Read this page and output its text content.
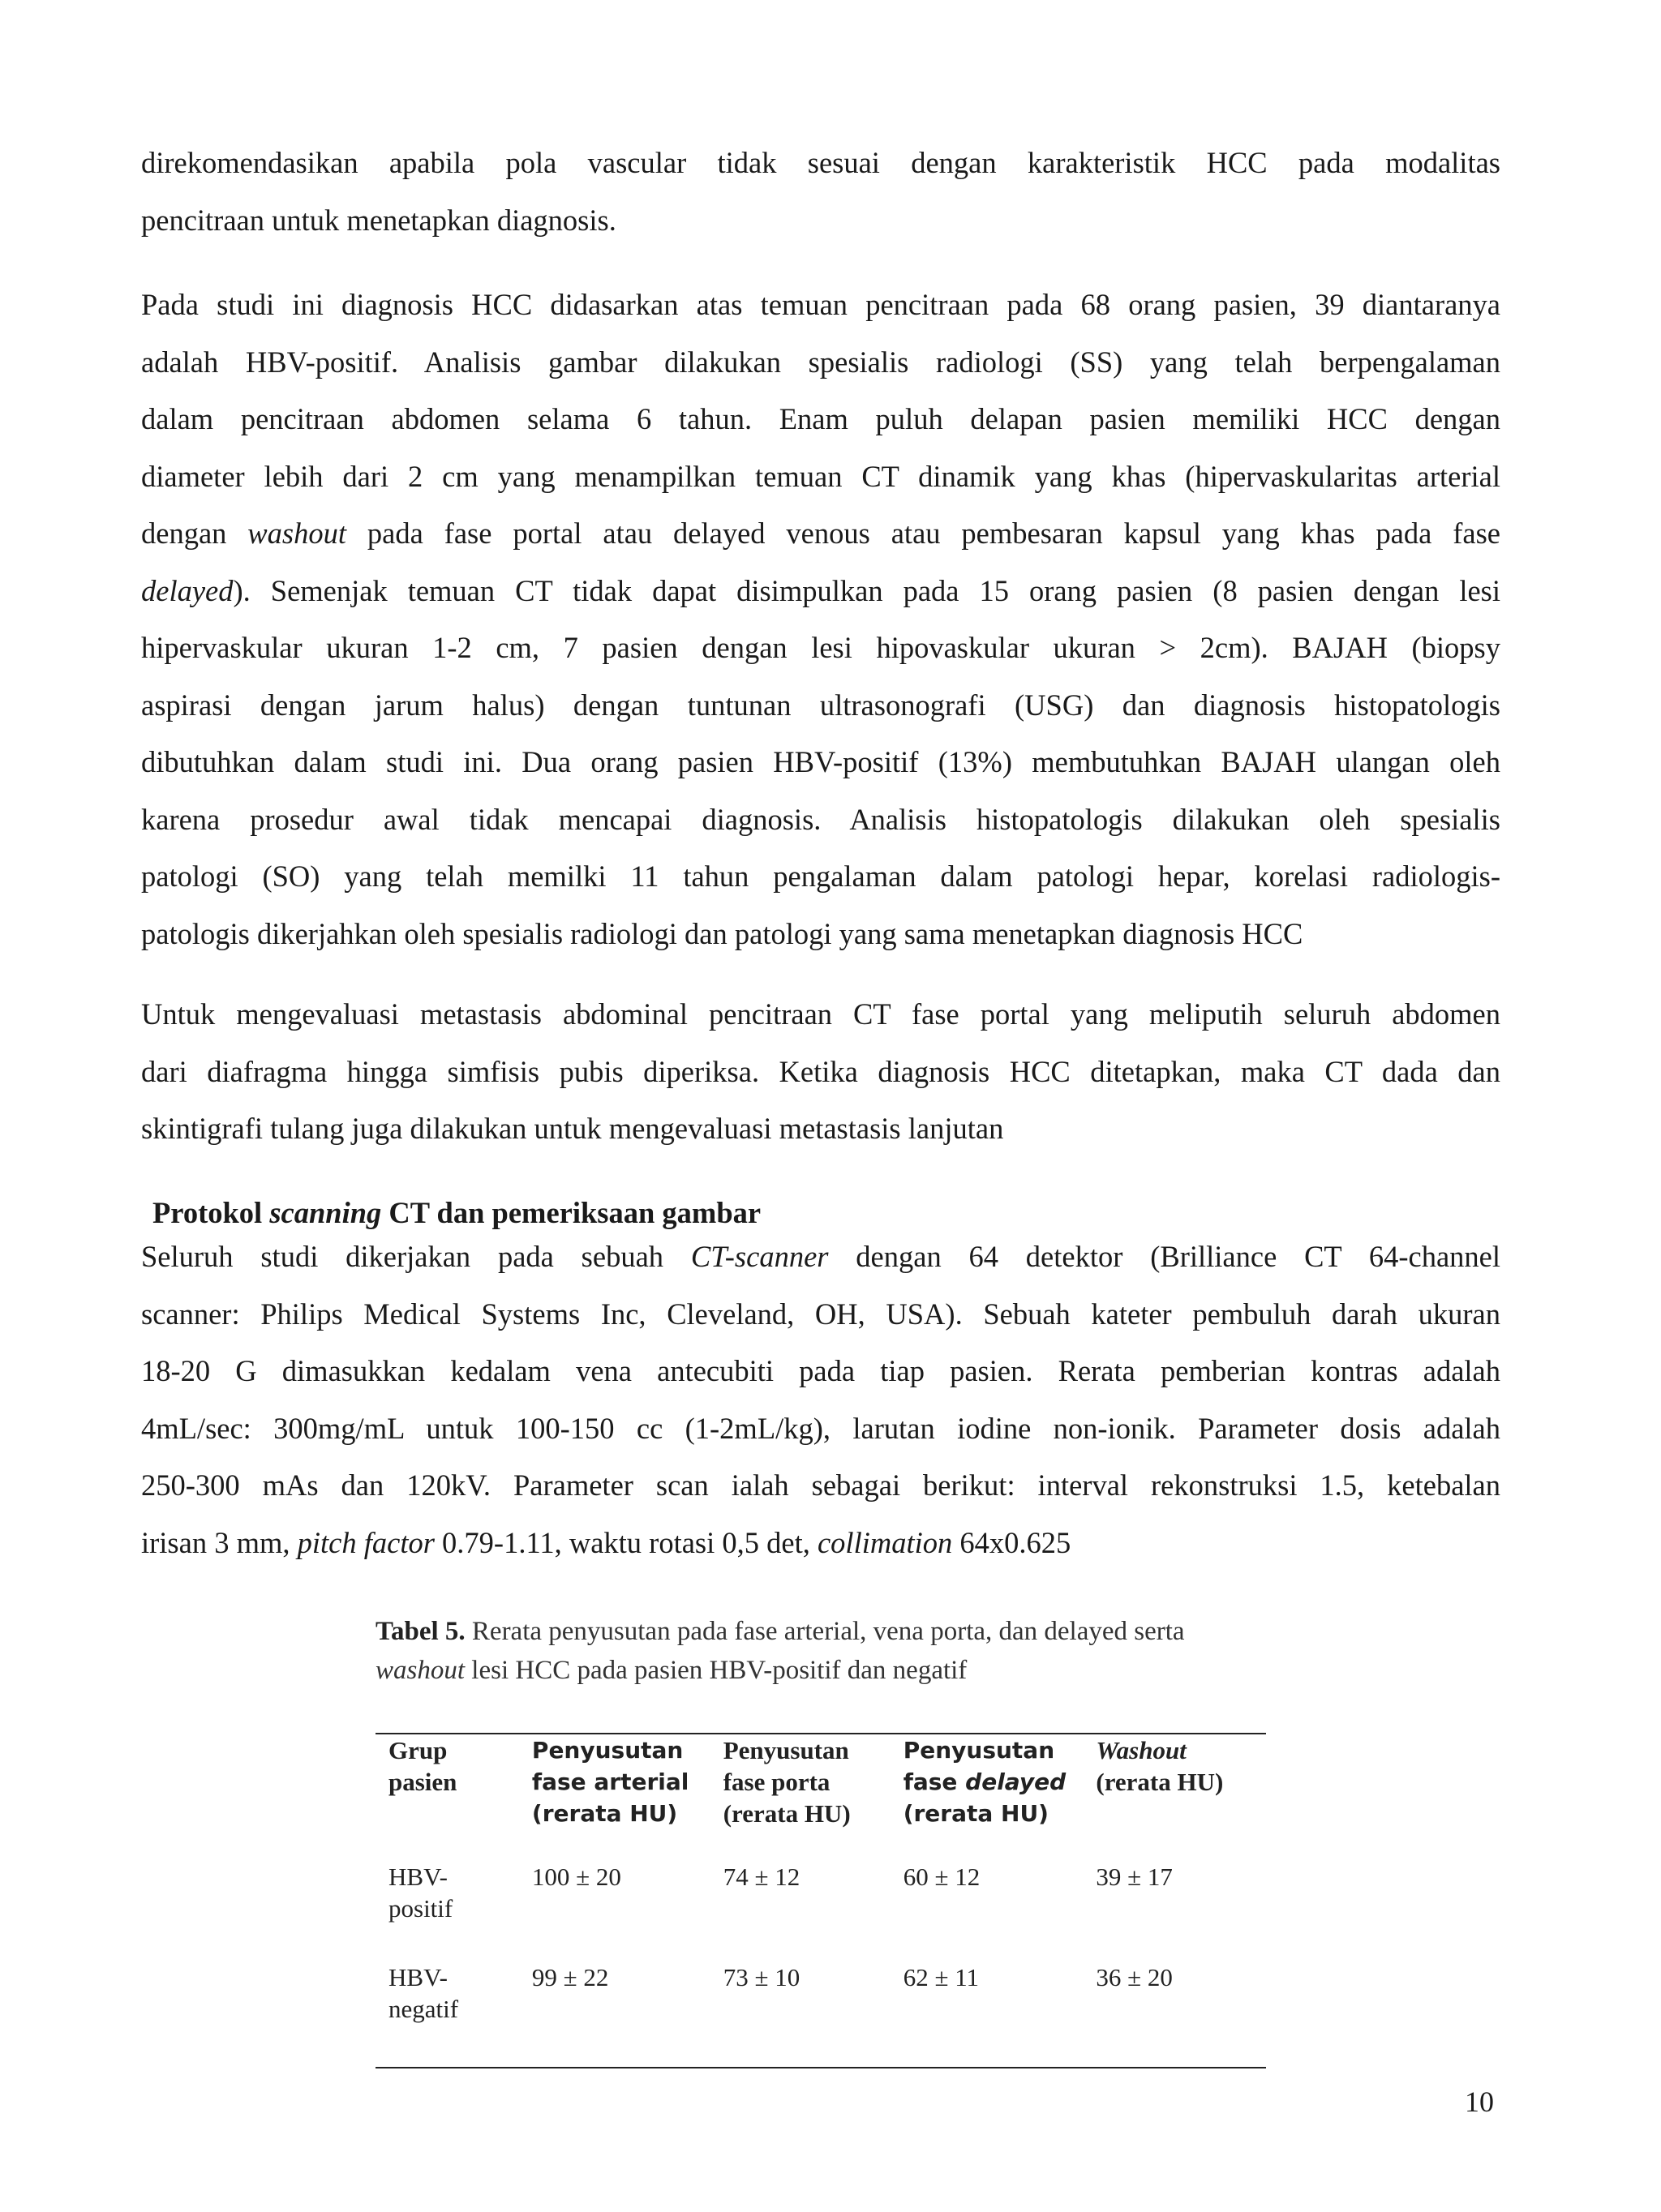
direkomendasikan apabila pola vascular tidak sesuai dengan karakteristik HCC pada modalitas
pencitraan untuk menetapkan diagnosis.
Pada studi ini diagnosis HCC didasarkan atas temuan pencitraan pada 68 orang pasien, 39 diantaranya
adalah HBV-positif. Analisis gambar dilakukan spesialis radiologi (SS) yang telah berpengalaman
dalam pencitraan abdomen selama 6 tahun. Enam puluh delapan pasien memiliki HCC dengan
diameter lebih dari 2 cm yang menampilkan temuan CT dinamik yang khas (hipervaskularitas arterial
dengan washout pada fase portal atau delayed venous atau pembesaran kapsul yang khas pada fase
delayed). Semenjak temuan CT tidak dapat disimpulkan pada 15 orang pasien (8 pasien dengan lesi
hipervaskular ukuran 1-2 cm, 7 pasien dengan lesi hipovaskular ukuran > 2cm). BAJAH (biopsy
aspirasi dengan jarum halus) dengan tuntunan ultrasonografi (USG) dan diagnosis histopatologis
dibutuhkan dalam studi ini. Dua orang pasien HBV-positif (13%) membutuhkan BAJAH ulangan oleh
karena prosedur awal tidak mencapai diagnosis. Analisis histopatologis dilakukan oleh spesialis
patologi (SO) yang telah memilki 11 tahun pengalaman dalam patologi hepar, korelasi radiologis-
patologis dikerjahkan oleh spesialis radiologi dan patologi yang sama menetapkan diagnosis HCC
Untuk mengevaluasi metastasis abdominal pencitraan CT fase portal yang meliputih seluruh abdomen
dari diafragma hingga simfisis pubis diperiksa. Ketika diagnosis HCC ditetapkan, maka CT dada dan
skintigrafi tulang juga dilakukan untuk mengevaluasi metastasis lanjutan

Protokol scanning CT dan pemeriksaan gambar

Seluruh studi dikerjakan pada sebuah CT-scanner dengan 64 detektor (Brilliance CT 64-channel
scanner: Philips Medical Systems Inc, Cleveland, OH, USA). Sebuah kateter pembuluh darah ukuran
18-20 G dimasukkan kedalam vena antecubiti pada tiap pasien. Rerata pemberian kontras adalah
4mL/sec: 300mg/mL untuk 100-150 cc (1-2mL/kg), larutan iodine non-ionik. Parameter dosis adalah
250-300 mAs dan 120kV. Parameter scan ialah sebagai berikut: interval rekonstruksi 1.5, ketebalan
irisan 3 mm, pitch factor 0.79-1.11, waktu rotasi 0,5 det, collimation 64x0.625

Tabel 5. Rerata penyusutan pada fase arterial, vena porta, dan delayed serta
washout lesi HCC pada pasien HBV-positif dan negatif

Grup
pasien	Penyusutan
fase arterial
(rerata HU)	Penyusutan
fase porta
(rerata HU)	Penyusutan
fase delayed
(rerata HU)	Washout
(rerata HU)

HBV-
positif	100 ± 20	74 ± 12	60 ± 12	39 ± 17

HBV-
negatif	99 ± 22	73 ± 10	62 ± 11	36 ± 20

10
